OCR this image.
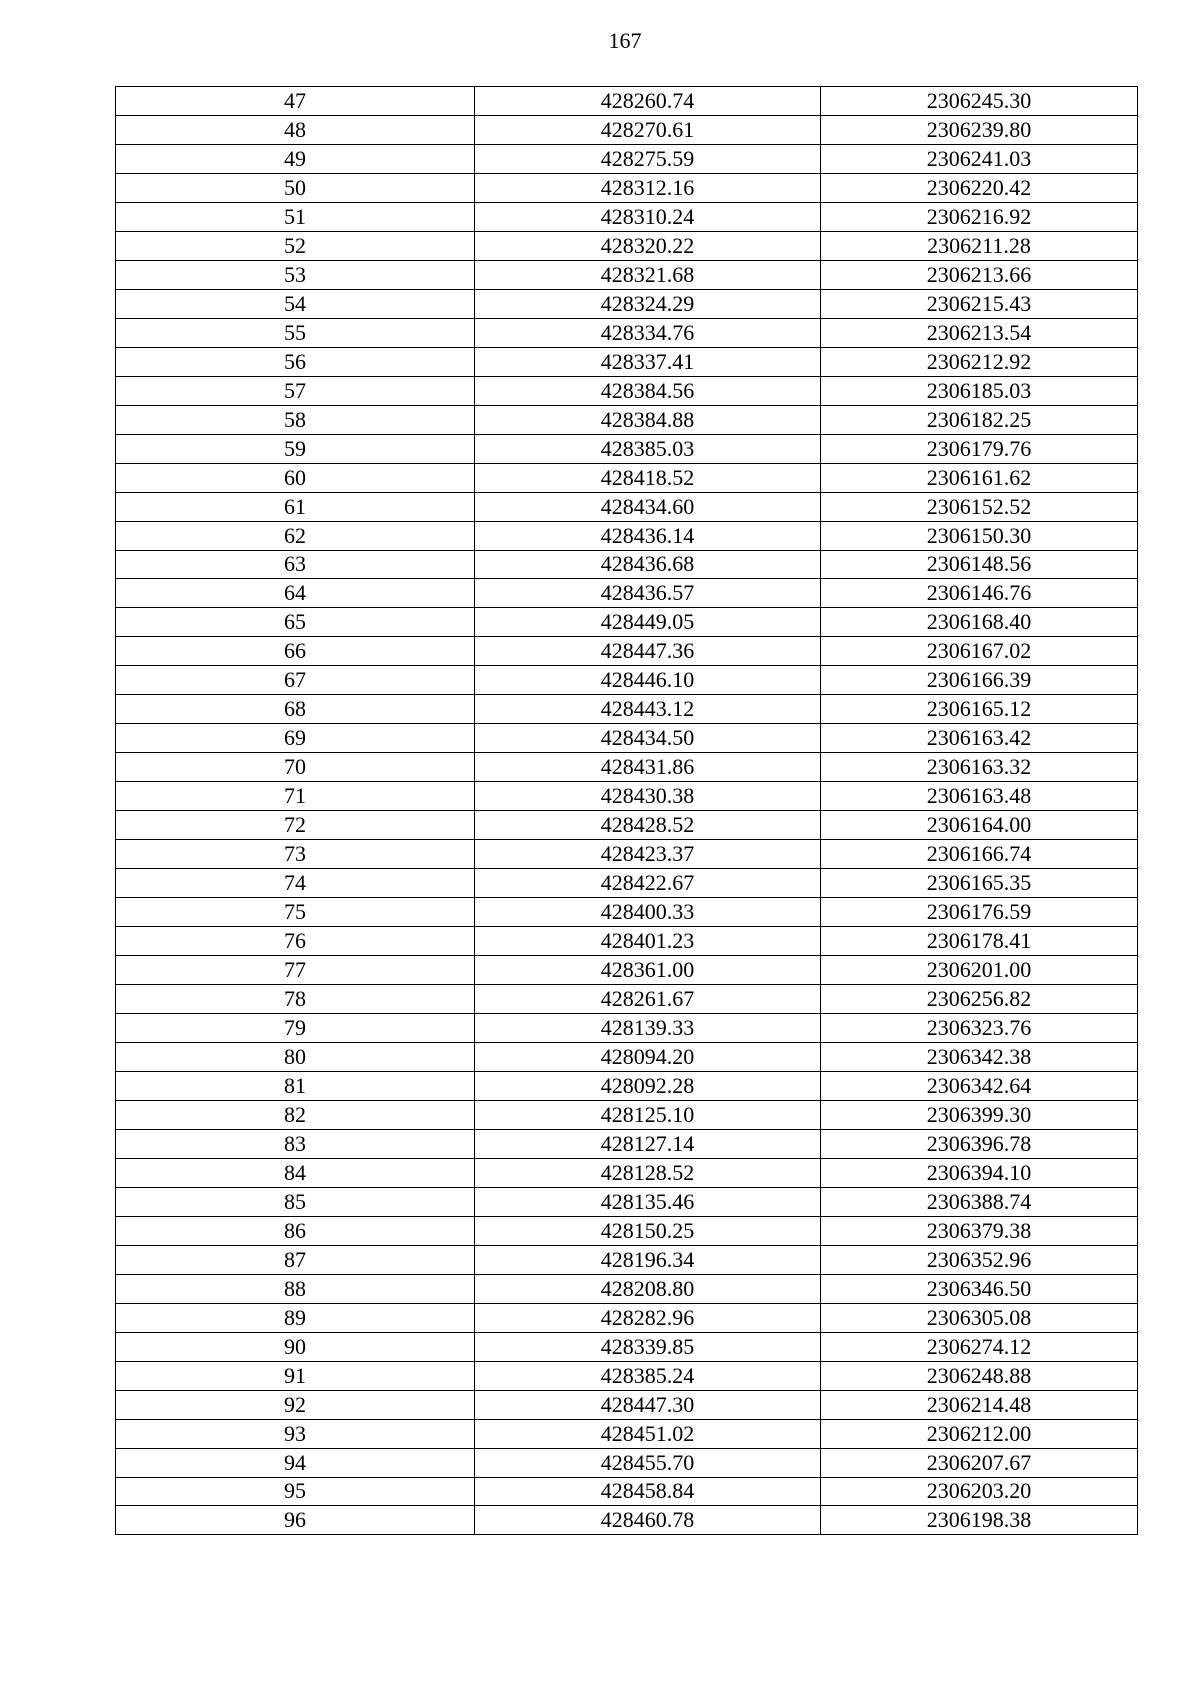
167
47	428260.74	2306245.30
48	428270.61	2306239.80
49	428275.59	2306241.03
50	428312.16	2306220.42
51	428310.24	2306216.92
52	428320.22	2306211.28
53	428321.68	2306213.66
54	428324.29	2306215.43
55	428334.76	2306213.54
56	428337.41	2306212.92
57	428384.56	2306185.03
58	428384.88	2306182.25
59	428385.03	2306179.76
60	428418.52	2306161.62
61	428434.60	2306152.52
62	428436.14	2306150.30
63	428436.68	2306148.56
64	428436.57	2306146.76
65	428449.05	2306168.40
66	428447.36	2306167.02
67	428446.10	2306166.39
68	428443.12	2306165.12
69	428434.50	2306163.42
70	428431.86	2306163.32
71	428430.38	2306163.48
72	428428.52	2306164.00
73	428423.37	2306166.74
74	428422.67	2306165.35
75	428400.33	2306176.59
76	428401.23	2306178.41
77	428361.00	2306201.00
78	428261.67	2306256.82
79	428139.33	2306323.76
80	428094.20	2306342.38
81	428092.28	2306342.64
82	428125.10	2306399.30
83	428127.14	2306396.78
84	428128.52	2306394.10
85	428135.46	2306388.74
86	428150.25	2306379.38
87	428196.34	2306352.96
88	428208.80	2306346.50
89	428282.96	2306305.08
90	428339.85	2306274.12
91	428385.24	2306248.88
92	428447.30	2306214.48
93	428451.02	2306212.00
94	428455.70	2306207.67
95	428458.84	2306203.20
96	428460.78	2306198.38
